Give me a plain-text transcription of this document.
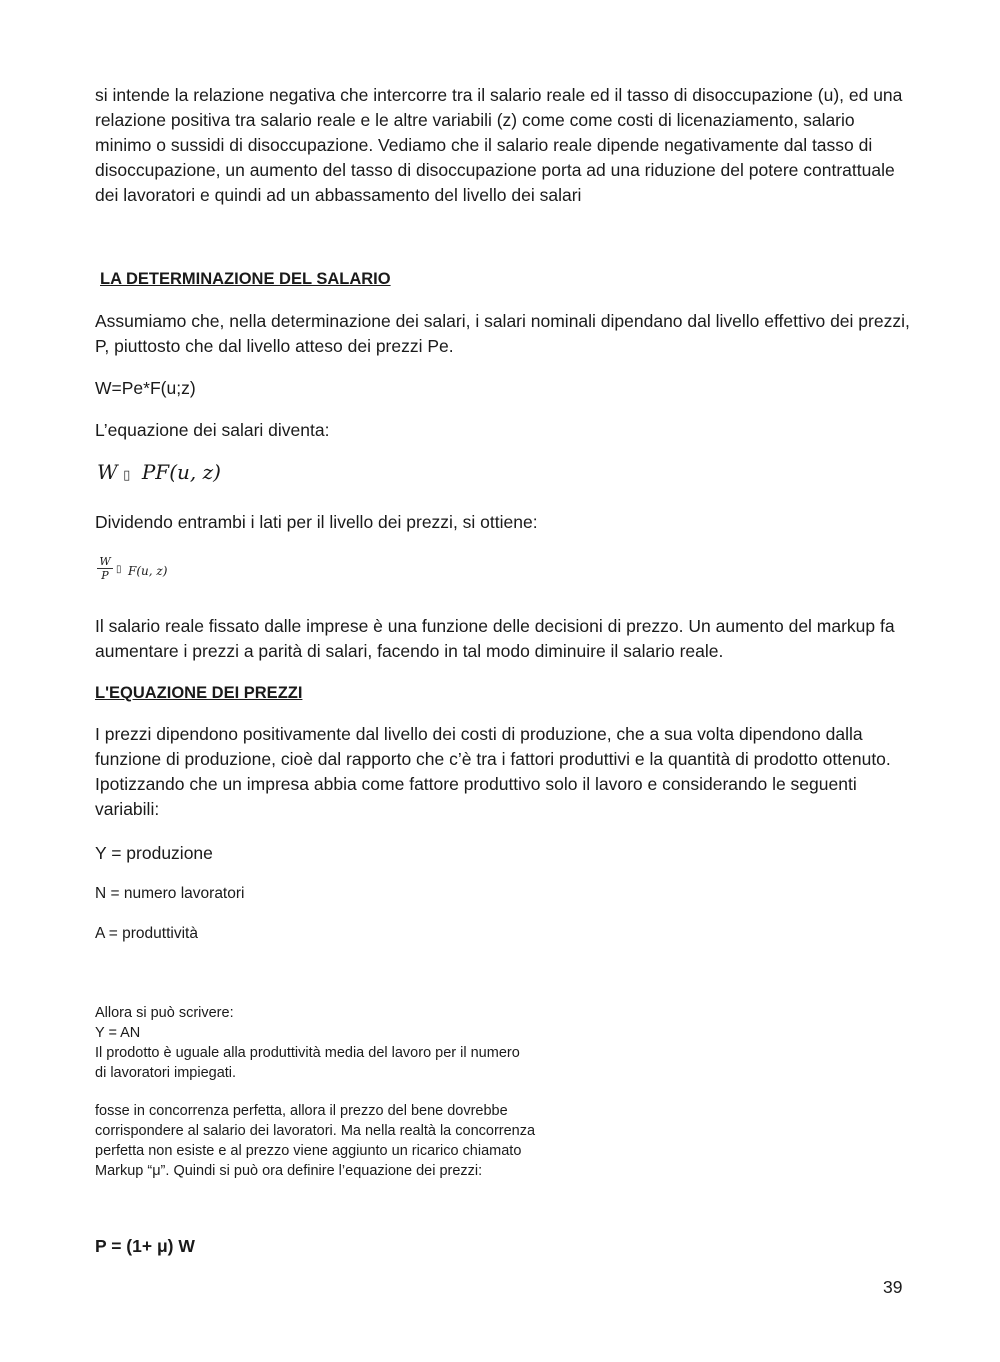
si intende la relazione negativa che intercorre tra il salario reale ed il tasso di disoccupazione (u), ed una relazione positiva tra salario reale e le altre variabili (z) come come costi di licenaziamento, salario minimo o sussidi di disoccupazione. Vediamo che il salario reale dipende negativamente dal tasso di disoccupazione, un aumento del tasso di disoccupazione porta ad una riduzione del potere contrattuale dei lavoratori e quindi ad un abbassamento del livello dei salari

LA DETERMINAZIONE DEL SALARIO

Assumiamo che, nella determinazione dei salari, i salari nominali dipendano dal livello effettivo dei prezzi, P, piuttosto che dal livello atteso dei prezzi Pe.

W=Pe*F(u;z)

L’equazione dei salari diventa:

W ▯ PF(u, z)

Dividendo entrambi i lati per il livello dei prezzi, si ottiene:

W
P ▯ F(u, z)

Il salario reale fissato dalle imprese è una funzione delle decisioni di prezzo. Un aumento del markup fa aumentare i prezzi a parità di salari, facendo in tal modo diminuire il salario reale.

L'EQUAZIONE DEI PREZZI

I prezzi dipendono positivamente dal livello dei costi di produzione, che a sua volta dipendono dalla funzione di produzione, cioè dal rapporto che c’è tra i fattori produttivi e la quantità di prodotto ottenuto. Ipotizzando che un impresa abbia come fattore produttivo solo il lavoro e considerando le seguenti variabili:

Y = produzione

N = numero lavoratori

A = produttività

Allora si può scrivere:
Y = AN
Il prodotto è uguale alla produttività media del lavoro per il numero
di lavoratori impiegati.
fosse in concorrenza perfetta, allora il prezzo del bene dovrebbe
corrispondere al salario dei lavoratori. Ma nella realtà la concorrenza
perfetta non esiste e al prezzo viene aggiunto un ricarico chiamato
Markup “μ”. Quindi si può ora definire l’equazione dei prezzi:

P = (1+ μ) W

39
